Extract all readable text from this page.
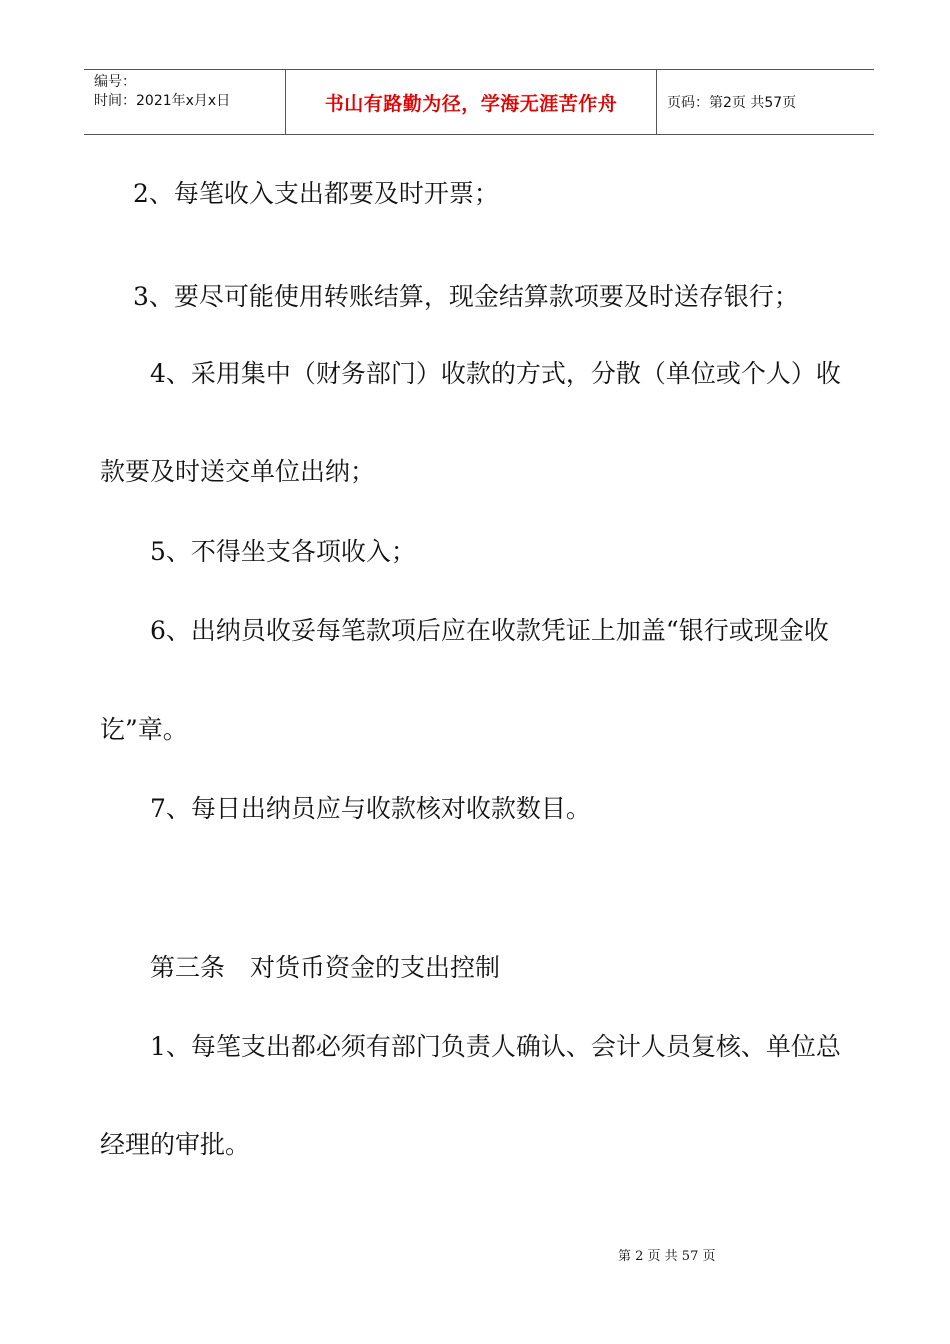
编号：
时间：2021年x月x日	书山有路勤为径，学海无涯苦作舟	页码：第2页 共57页
2、每笔收入支出都要及时开票；
3、要尽可能使用转账结算，现金结算款项要及时送存银行；
4、采用集中（财务部门）收款的方式，分散（单位或个人）收
款要及时送交单位出纳；
5、不得坐支各项收入；
6、出纳员收妥每笔款项后应在收款凭证上加盖“银行或现金收
讫”章。
7、每日出纳员应与收款核对收款数目。
第三条　对货币资金的支出控制
1、每笔支出都必须有部门负责人确认、会计人员复核、单位总
经理的审批。
第 2 页 共 57 页
